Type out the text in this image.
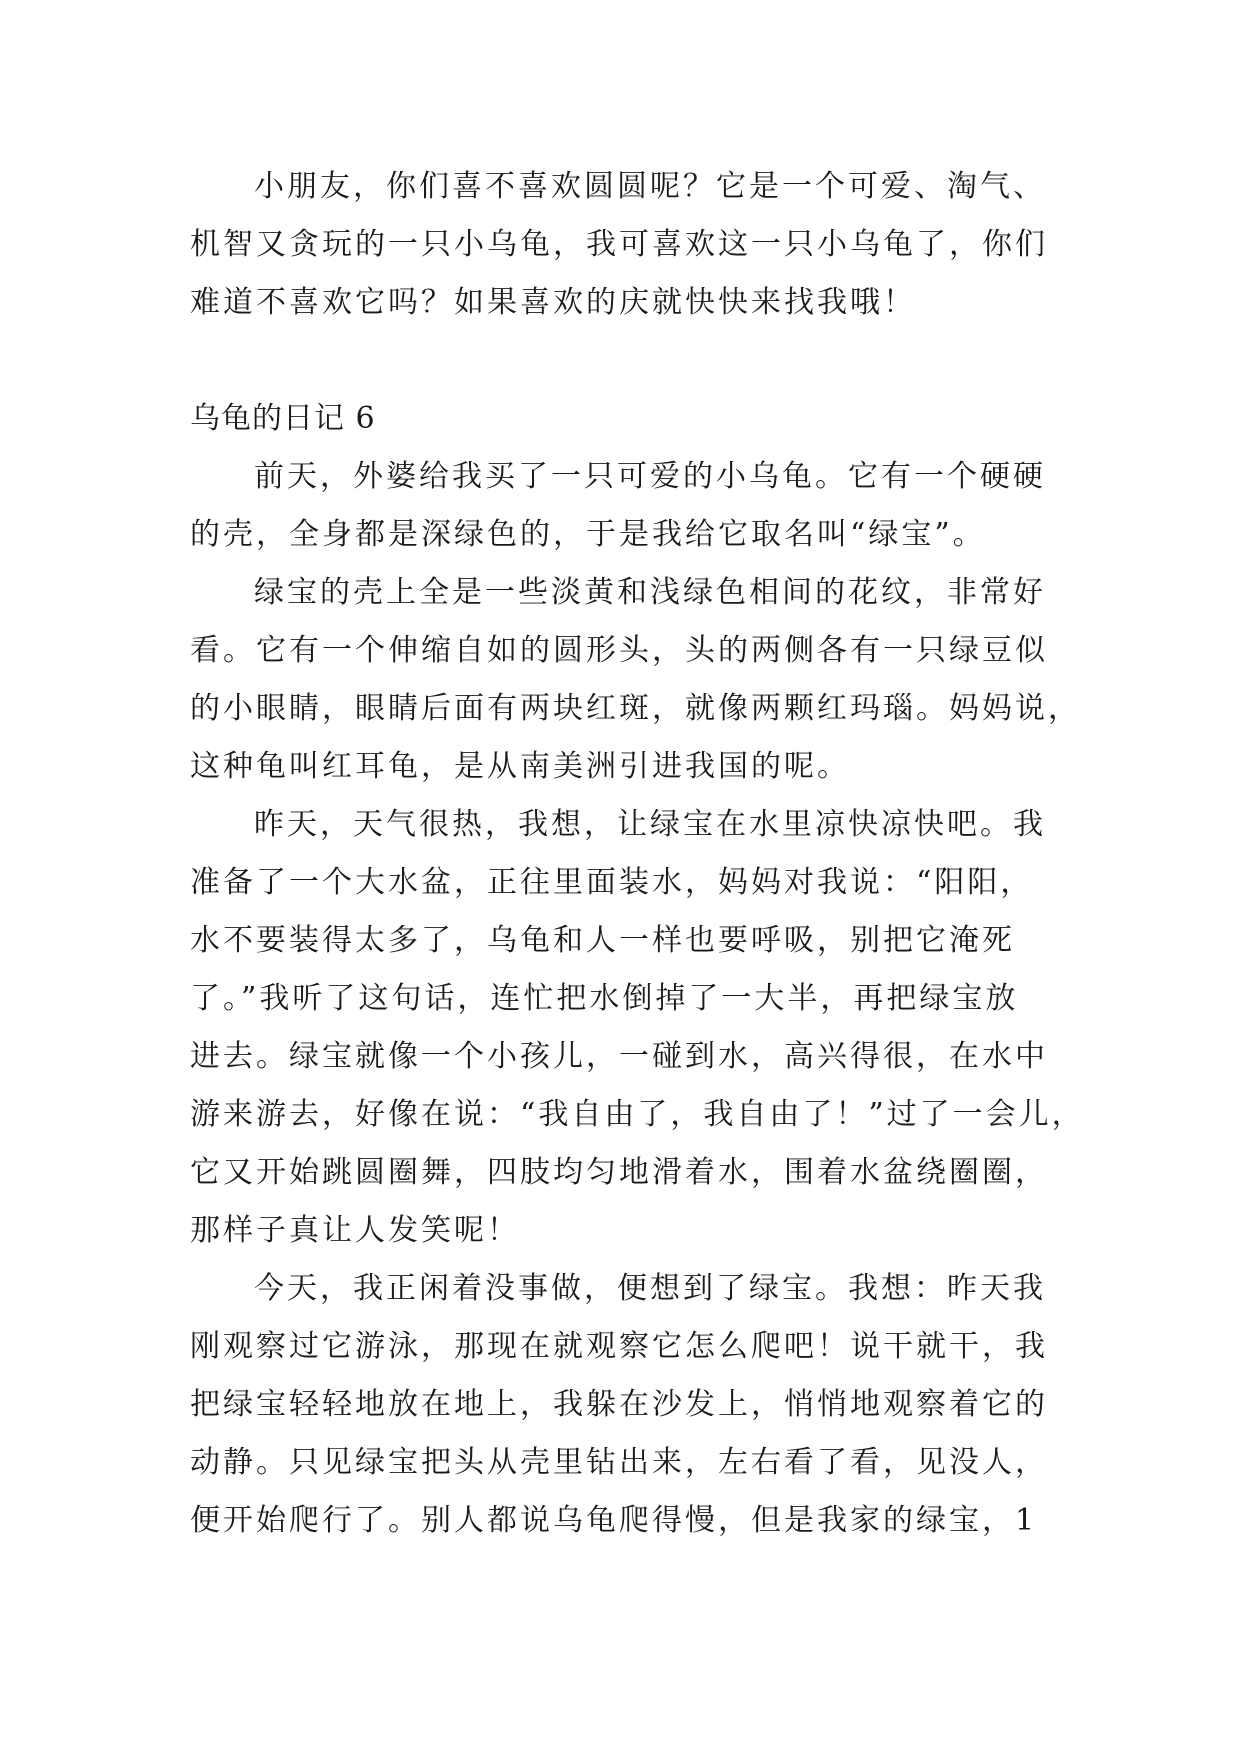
小朋友，你们喜不喜欢圆圆呢？它是一个可爱、淘气、
机智又贪玩的一只小乌龟，我可喜欢这一只小乌龟了，你们
难道不喜欢它吗？如果喜欢的庆就快快来找我哦！
乌龟的日记 6
前天，外婆给我买了一只可爱的小乌龟。它有一个硬硬
的壳，全身都是深绿色的，于是我给它取名叫“绿宝”。
绿宝的壳上全是一些淡黄和浅绿色相间的花纹，非常好
看。它有一个伸缩自如的圆形头，头的两侧各有一只绿豆似
的小眼睛，眼睛后面有两块红斑，就像两颗红玛瑙。妈妈说，
这种龟叫红耳龟，是从南美洲引进我国的呢。
昨天，天气很热，我想，让绿宝在水里凉快凉快吧。我
准备了一个大水盆，正往里面装水，妈妈对我说：“阳阳，
水不要装得太多了，乌龟和人一样也要呼吸，别把它淹死
了。”我听了这句话，连忙把水倒掉了一大半，再把绿宝放
进去。绿宝就像一个小孩儿，一碰到水，高兴得很，在水中
游来游去，好像在说：“我自由了，我自由了！”过了一会儿，
它又开始跳圆圈舞，四肢均匀地滑着水，围着水盆绕圈圈，
那样子真让人发笑呢！
今天，我正闲着没事做，便想到了绿宝。我想：昨天我
刚观察过它游泳，那现在就观察它怎么爬吧！说干就干，我
把绿宝轻轻地放在地上，我躲在沙发上，悄悄地观察着它的
动静。只见绿宝把头从壳里钻出来，左右看了看，见没人，
便开始爬行了。别人都说乌龟爬得慢，但是我家的绿宝，1
